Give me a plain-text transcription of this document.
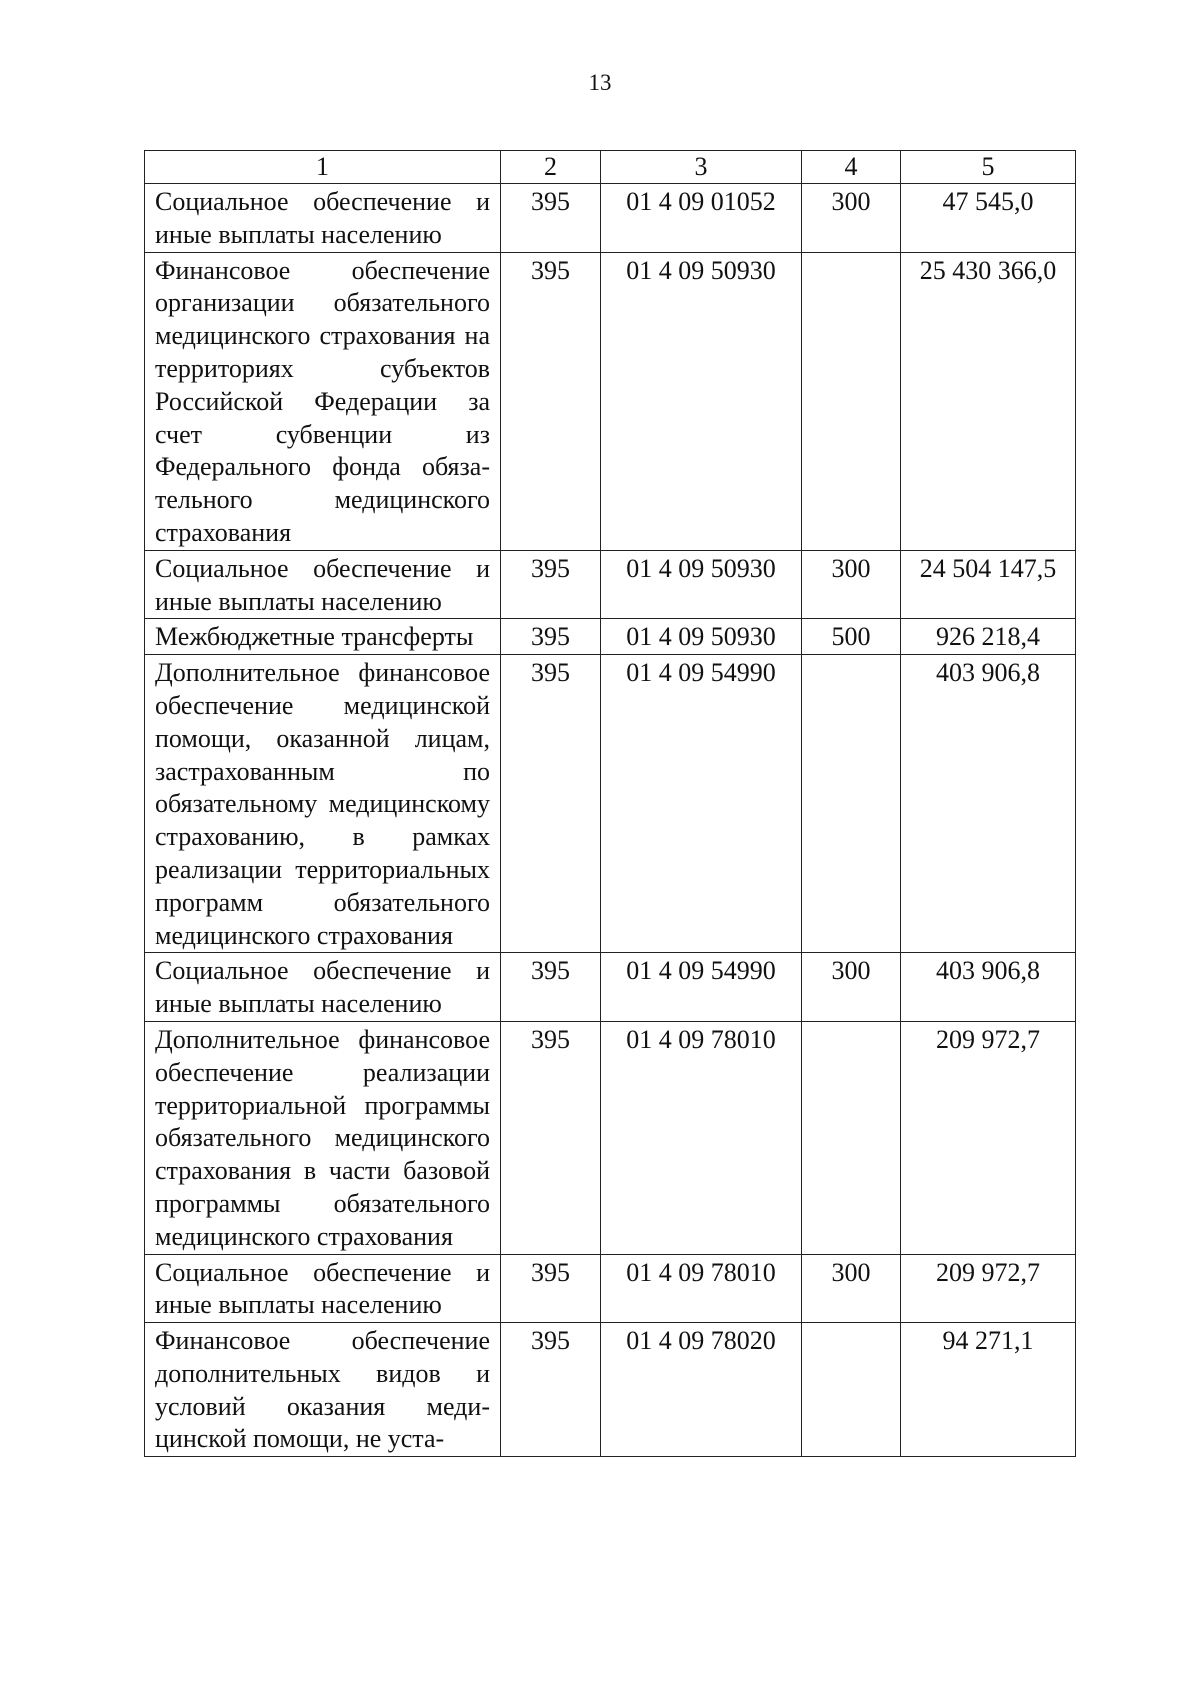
13
1	2	3	4	5
Социальное обеспечение и иные выплаты населению	395	01 4 09 01052	300	47 545,0
Финансовое обеспечение организации обязательного медицинского страхования на территориях субъектов Российской Федерации за счет субвенции из Федерального фонда обязательного медицинского страхования	395	01 4 09 50930		25 430 366,0
Социальное обеспечение и иные выплаты населению	395	01 4 09 50930	300	24 504 147,5
Межбюджетные трансферты	395	01 4 09 50930	500	926 218,4
Дополнительное финансовое обеспечение медицинской помощи, оказанной лицам, застрахованным по обязательному медицинскому страхованию, в рамках реализации территориальных программ обязательного медицинского страхования	395	01 4 09 54990		403 906,8
Социальное обеспечение и иные выплаты населению	395	01 4 09 54990	300	403 906,8
Дополнительное финансовое обеспечение реализации территориальной программы обязательного медицинского страхования в части базовой программы обязательного медицинского страхования	395	01 4 09 78010		209 972,7
Социальное обеспечение и иные выплаты населению	395	01 4 09 78010	300	209 972,7
Финансовое обеспечение дополнительных видов и условий оказания медицинской помощи, не уста-	395	01 4 09 78020		94 271,1
